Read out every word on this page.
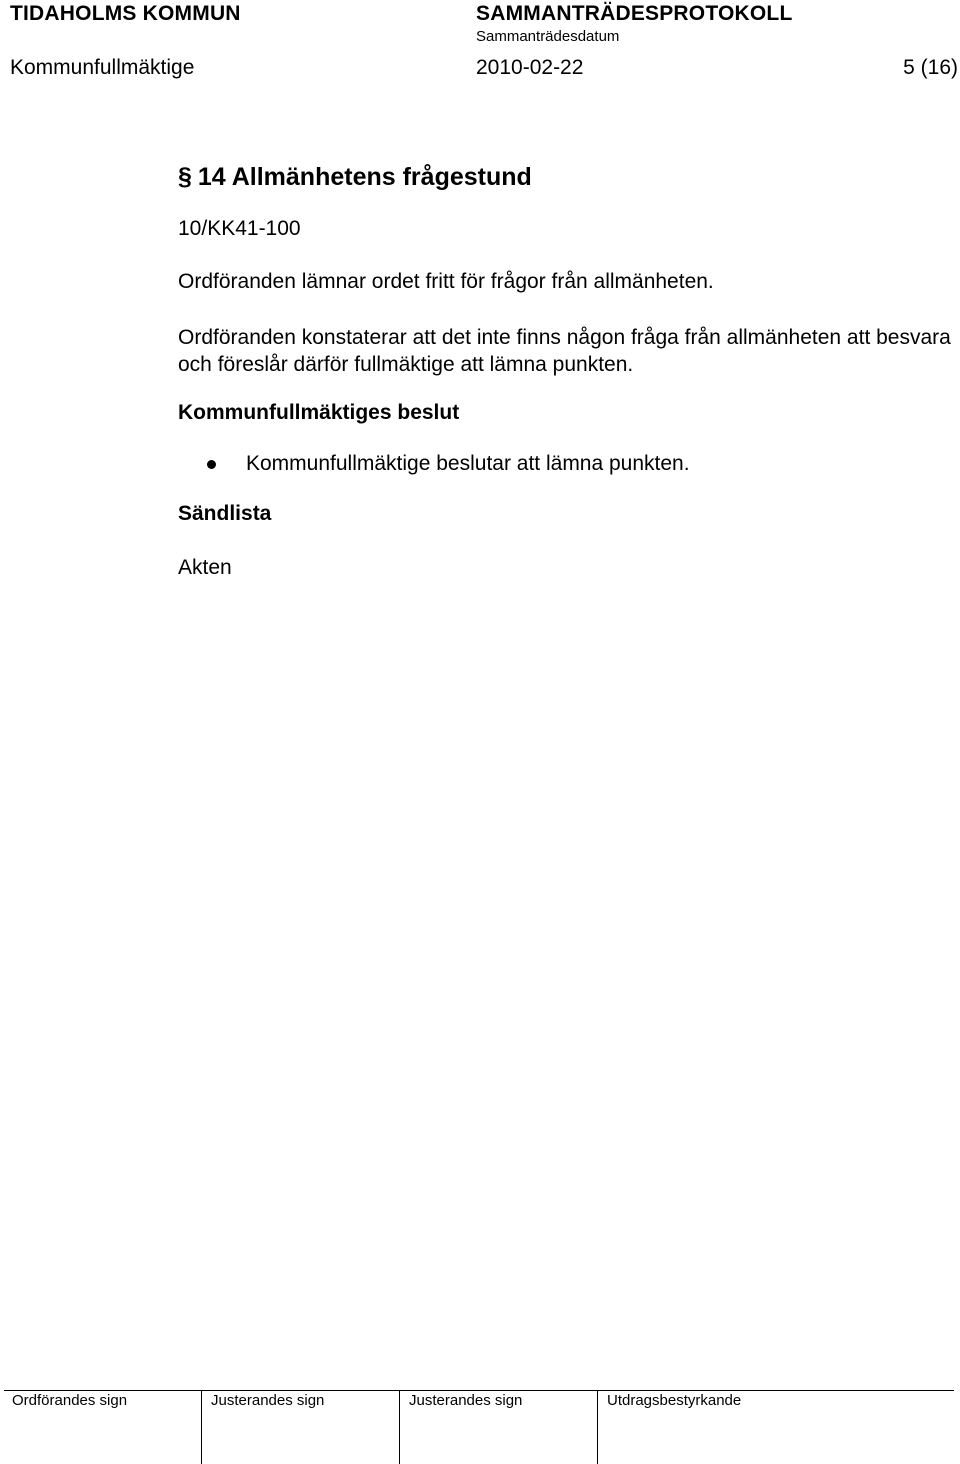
TIDAHOLMS KOMMUN	SAMMANTRÄDESPROTOKOLL
Sammanträdesdatum
Kommunfullmäktige	2010-02-22	5 (16)
§ 14 Allmänhetens frågestund
10/KK41-100
Ordföranden lämnar ordet fritt för frågor från allmänheten.
Ordföranden konstaterar att det inte finns någon fråga från allmänheten att besvara och föreslår därför fullmäktige att lämna punkten.
Kommunfullmäktiges beslut
Kommunfullmäktige beslutar att lämna punkten.
Sändlista
Akten
Ordförandes sign	Justerandes sign	Justerandes sign	Utdragsbestyrkande
